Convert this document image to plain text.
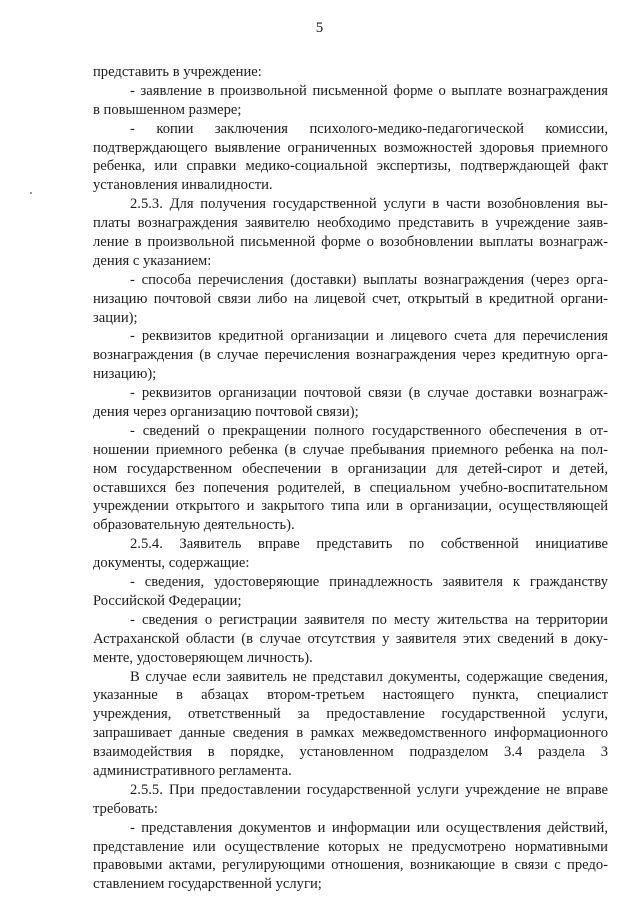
5
представить в учреждение:
- заявление в произвольной письменной форме о выплате вознаграждения
в повышенном размере;
- копии заключения психолого-медико-педагогической комиссии,
подтверждающего выявление ограниченных возможностей здоровья приемного
ребенка, или справки медико-социальной экспертизы, подтверждающей факт
установления инвалидности.
2.5.3. Для получения государственной услуги в части возобновления вы-
платы вознаграждения заявителю необходимо представить в учреждение заяв-
ление в произвольной письменной форме о возобновлении выплаты вознаграж-
дения с указанием:
- способа перечисления (доставки) выплаты вознаграждения (через орга-
низацию почтовой связи либо на лицевой счет, открытый в кредитной органи-
зации);
- реквизитов кредитной организации и лицевого счета для перечисления
вознаграждения (в случае перечисления вознаграждения через кредитную орга-
низацию);
- реквизитов организации почтовой связи (в случае доставки вознаграж-
дения через организацию почтовой связи);
- сведений о прекращении полного государственного обеспечения в от-
ношении приемного ребенка (в случае пребывания приемного ребенка на пол-
ном государственном обеспечении в организации для детей-сирот и детей,
оставшихся без попечения родителей, в специальном учебно-воспитательном
учреждении открытого и закрытого типа или в организации, осуществляющей
образовательную деятельность).
2.5.4. Заявитель вправе представить по собственной инициативе
документы, содержащие:
- сведения, удостоверяющие принадлежность заявителя к гражданству
Российской Федерации;
- сведения о регистрации заявителя по месту жительства на территории
Астраханской области (в случае отсутствия у заявителя этих сведений в доку-
менте, удостоверяющем личность).
В случае если заявитель не представил документы, содержащие сведения,
указанные в абзацах втором-третьем настоящего пункта, специалист
учреждения, ответственный за предоставление государственной услуги,
запрашивает данные сведения в рамках межведомственного информационного
взаимодействия в порядке, установленном подразделом 3.4 раздела 3
административного регламента.
2.5.5. При предоставлении государственной услуги учреждение не вправе
требовать:
- представления документов и информации или осуществления действий,
представление или осуществление которых не предусмотрено нормативными
правовыми актами, регулирующими отношения, возникающие в связи с предо-
ставлением государственной услуги;
